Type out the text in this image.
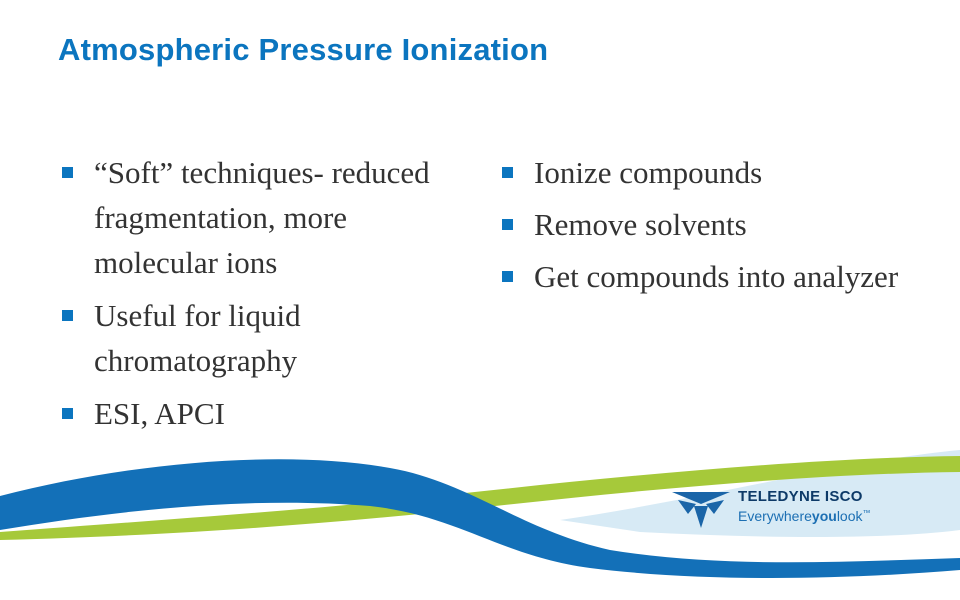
Atmospheric Pressure Ionization
“Soft” techniques- reduced fragmentation, more molecular ions
Useful for liquid chromatography
ESI, APCI
Ionize compounds
Remove solvents
Get compounds into analyzer
TELEDYNE ISCO
Everywhereyoulook™
